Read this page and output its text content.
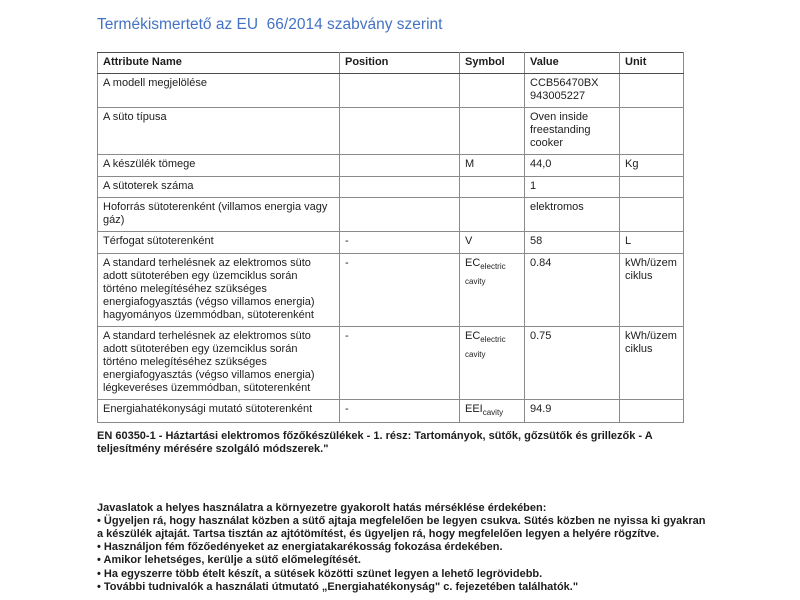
Termékismertető az EU  66/2014 szabvány szerint
Attribute Name	Position	Symbol	Value	Unit
A modell megjelölése			CCB56470BX 943005227	
A süto típusa			Oven inside freestanding cooker	
A készülék tömege		M	44,0	Kg
A sütoterek száma			1	
Hoforrás sütoterenként (villamos energia vagy gáz)			elektromos	
Térfogat sütoterenként	-	V	58	L
A standard terhelésnek az elektromos süto adott sütoterében egy üzemciklus során történo melegítéséhez szükséges energiafogyasztás (végso villamos energia) hagyományos üzemmódban, sütoterenként	-	$EC_{electric cavity}$	0.84	kWh/üzem ciklus
A standard terhelésnek az elektromos süto adott sütoterében egy üzemciklus során történo melegítéséhez szükséges energiafogyasztás (végso villamos energia) légkeveréses üzemmódban, sütoterenként	-	$EC_{electric cavity}$	0.75	kWh/üzem ciklus
Energiahatékonysági mutató sütoterenként	-	$EEI_{cavity}$	94.9	

EN 60350-1 - Háztartási elektromos főzőkészülékek - 1. rész: Tartományok, sütők, gőzsütők és grillezők - A teljesítmény mérésére szolgáló módszerek."

Javaslatok a helyes használatra a környezetre gyakorolt hatás mérséklése érdekében:

• Ügyeljen rá, hogy használat közben a sütő ajtaja megfelelően be legyen csukva. Sütés közben ne nyissa ki gyakran a készülék ajtaját. Tartsa tisztán az ajtótömítést, és ügyeljen rá, hogy megfelelően legyen a helyére rögzítve.

• Használjon fém főzőedényeket az energiatakarékosság fokozása érdekében.

• Amikor lehetséges, kerülje a sütő előmelegítését.

• Ha egyszerre több ételt készít, a sütések közötti szünet legyen a lehető legrövidebb.

• További tudnivalók a használati útmutató „Energiahatékonyság" c. fejezetében találhatók."
